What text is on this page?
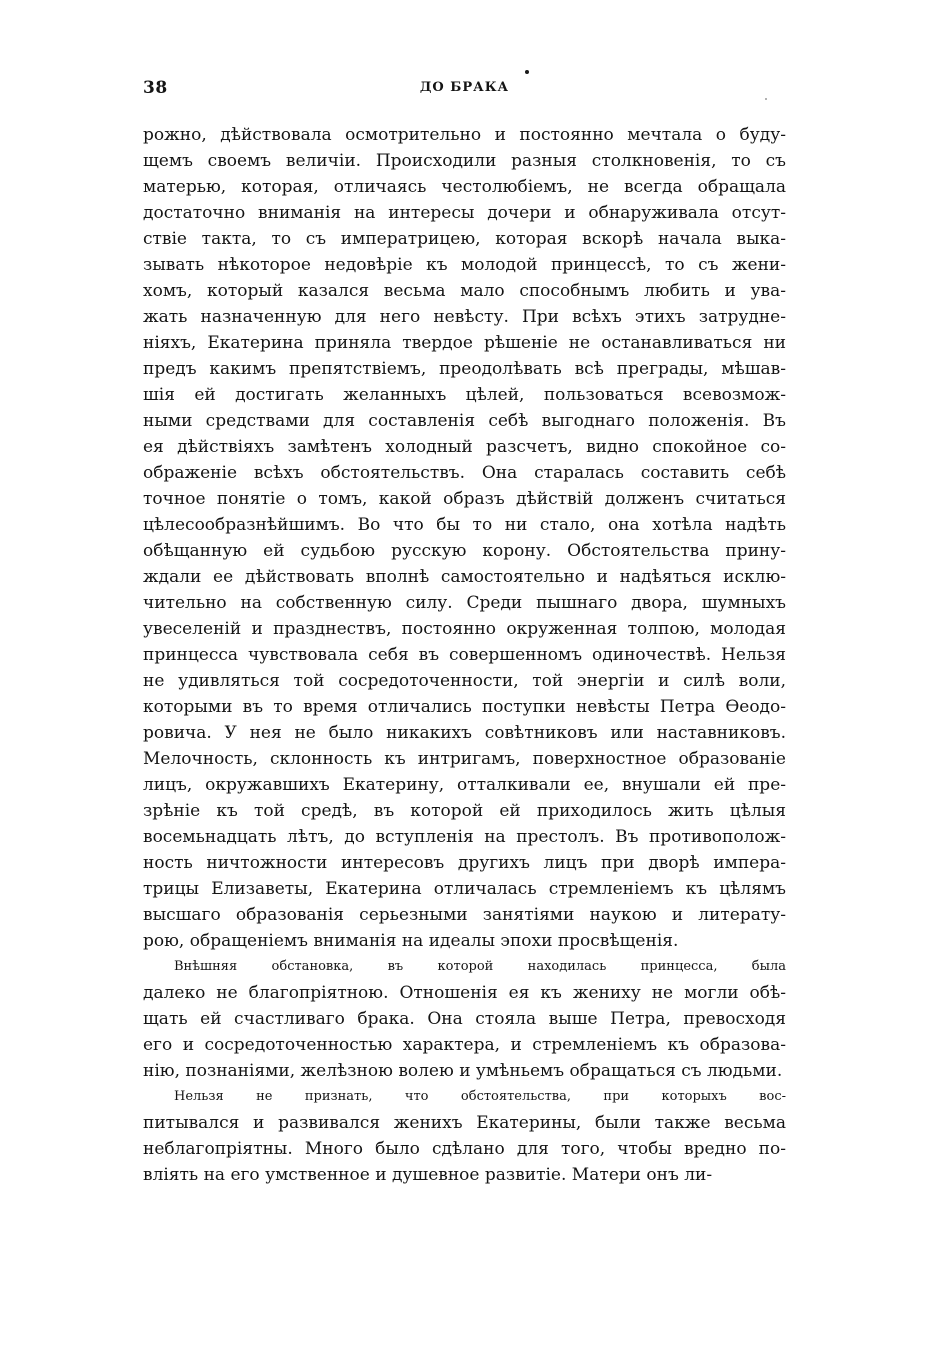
38	ДО БРАКА

рожно, дѣйствовала осмотрительно и постоянно мечтала о буду-
щемъ своемъ величіи. Происходили разныя столкновенія, то съ
матерью, которая, отличаясь честолюбіемъ, не всегда обращала
достаточно вниманія на интересы дочери и обнаруживала отсут-
ствіе такта, то съ императрицею, которая вскорѣ начала выка-
зывать нѣкоторое недовѣріе къ молодой принцессѣ, то съ жени-
хомъ, который казался весьма мало способнымъ любить и ува-
жать назначенную для него невѣсту. При всѣхъ этихъ затрудне-
ніяхъ, Екатерина приняла твердое рѣшеніе не останавливаться ни
предъ какимъ препятствіемъ, преодолѣвать всѣ преграды, мѣшав-
шія ей достигать желанныхъ цѣлей, пользоваться всевозмож-
ными средствами для составленія себѣ выгоднаго положенія. Въ
ея дѣйствіяхъ замѣтенъ холодный разсчетъ, видно спокойное со-
ображеніе всѣхъ обстоятельствъ. Она старалась составить себѣ
точное понятіе о томъ, какой образъ дѣйствій долженъ считаться
цѣлесообразнѣйшимъ. Во что бы то ни стало, она хотѣла надѣть
обѣщанную ей судьбою русскую корону. Обстоятельства прину-
ждали ее дѣйствовать вполнѣ самостоятельно и надѣяться исклю-
чительно на собственную силу. Среди пышнаго двора, шумныхъ
увеселеній и празднествъ, постоянно окруженная толпою, молодая
принцесса чувствовала себя въ совершенномъ одиночествѣ. Нельзя
не удивляться той сосредоточенности, той энергіи и силѣ воли,
которыми въ то время отличались поступки невѣсты Петра Ѳеодо-
ровича. У нея не было никакихъ совѣтниковъ или наставниковъ.
Мелочность, склонность къ интригамъ, поверхностное образованіе
лицъ, окружавшихъ Екатерину, отталкивали ее, внушали ей пре-
зрѣніе къ той средѣ, въ которой ей приходилось жить цѣлыя
восемьнадцать лѣтъ, до вступленія на престолъ. Въ противополож-
ность ничтожности интересовъ другихъ лицъ при дворѣ импера-
трицы Елизаветы, Екатерина отличалась стремленіемъ къ цѣлямъ
высшаго образованія серьезными занятіями наукою и литерату-
рою, обращеніемъ вниманія на идеалы эпохи просвѣщенія.

Внѣшняя обстановка, въ которой находилась принцесса, была
далеко не благопріятною. Отношенія ея къ жениху не могли обѣ-
щать ей счастливаго брака. Она стояла выше Петра, превосходя
его и сосредоточенностью характера, и стремленіемъ къ образова-
нію, познаніями, желѣзною волею и умѣньемъ обращаться съ людьми.

Нельзя не признать, что обстоятельства, при которыхъ вос-
питывался и развивался женихъ Екатерины, были также весьма
неблагопріятны. Много было сдѣлано для того, чтобы вредно по-
вліять на его умственное и душевное развитіе. Матери онъ ли-
